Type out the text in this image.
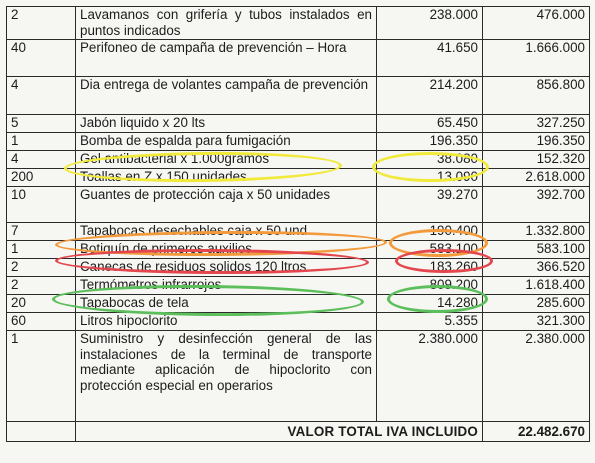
2	Lavamanos con grifería y tubos instalados en puntos indicados	238.000	476.000
40	Perifoneo de campaña de prevención – Hora	41.650	1.666.000
4	Dia entrega de volantes campaña de prevención	214.200	856.800
5	Jabón liquido x 20 lts	65.450	327.250
1	Bomba de espalda para fumigación	196.350	196.350
4	Gel antibacterial x 1.000gramos	38.080	152.320
200	Toallas en Z x 150 unidades	13.090	2.618.000
10	Guantes de protección caja x 50 unidades	39.270	392.700
7	Tapabocas desechables caja x 50 und	190.400	1.332.800
1	Botiquín de primeros auxilios	583.100	583.100
2	Canecas de residuos solidos 120 ltros	183.260	366.520
2	Termómetros infrarrojos	809.200	1.618.400
20	Tapabocas de tela	14.280	285.600
60	Litros hipoclorito	5.355	321.300
1	Suministro y desinfección general de las instalaciones de la terminal de transporte mediante aplicación de hipoclorito con protección especial en operarios	2.380.000	2.380.000
	VALOR TOTAL IVA INCLUIDO		22.482.670
